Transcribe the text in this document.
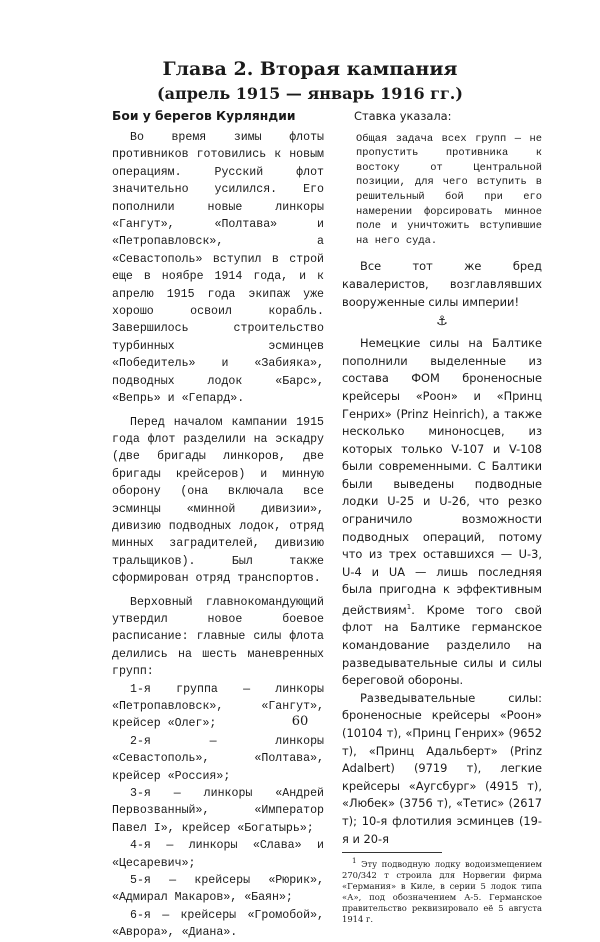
Глава 2. Вторая кампания
(апрель 1915 — январь 1916 гг.)
Бои у берегов Курляндии

Во время зимы флоты противников готовились к новым операциям. Русский флот значительно усилился. Его пополнили новые линкоры «Гангут», «Полтава» и «Петропавловск», а «Севастополь» вступил в строй еще в ноябре 1914 года, и к апрелю 1915 года экипаж уже хорошо освоил корабль. Завершилось строительство турбинных эсминцев «Победитель» и «Забияка», подводных лодок «Барс», «Вепрь» и «Гепард».

Перед началом кампании 1915 года флот разделили на эскадру (две бригады линкоров, две бригады крейсеров) и минную оборону (она включала все эсминцы «минной дивизии», дивизию подводных лодок, отряд минных заградителей, дивизию тральщиков). Был также сформирован отряд транспортов.

Верховный главнокомандующий утвердил новое боевое расписание: главные силы флота делились на шесть маневренных групп:

1-я группа — линкоры «Петропавловск», «Гангут», крейсер «Олег»;

2-я — линкоры «Севастополь», «Полтава», крейсер «Россия»;

3-я — линкоры «Андрей Первозванный», «Император Павел I», крейсер «Богатырь»;

4-я — линкоры «Слава» и «Цесаревич»;

5-я — крейсеры «Рюрик», «Адмирал Макаров», «Баян»;

6-я — крейсеры «Громобой», «Аврора», «Диана».

Ставка указала:

Общая задача всех групп — не пропустить противника к востоку от Центральной позиции, для чего вступить в решительный бой при его намерении форсировать минное поле и уничтожить вступившие на него суда.

Все тот же бред кавалеристов, возглавлявших вооруженные силы империи!

⚓

Немецкие силы на Балтике пополнили выделенные из состава ФОМ броненосные крейсеры «Роон» и «Принц Генрих» (Prinz Heinrich), а также несколько миноносцев, из которых только V-107 и V-108 были современными. С Балтики были выведены подводные лодки U-25 и U-26, что резко ограничило возможности подводных операций, потому что из трех оставшихся — U-3, U-4 и UA — лишь последняя была пригодна к эффективным действиям$^1$. Кроме того свой флот на Балтике германское командование разделило на разведывательные силы и силы береговой обороны.

Разведывательные силы: броненосные крейсеры «Роон» (10104 т), «Принц Генрих» (9652 т), «Принц Адальберт» (Prinz Adalbert) (9719 т), легкие крейсеры «Аугсбург» (4915 т), «Любек» (3756 т), «Тетис» (2617 т); 10-я флотилия эсминцев (19-я и 20-я

$^1$ Эту подводную лодку водоизмещением 270/342 т строила для Норвегии фирма «Германия» в Киле, в серии 5 лодок типа «А», под обозначением А-5. Германское правительство реквизировало её 5 августа 1914 г.

60
